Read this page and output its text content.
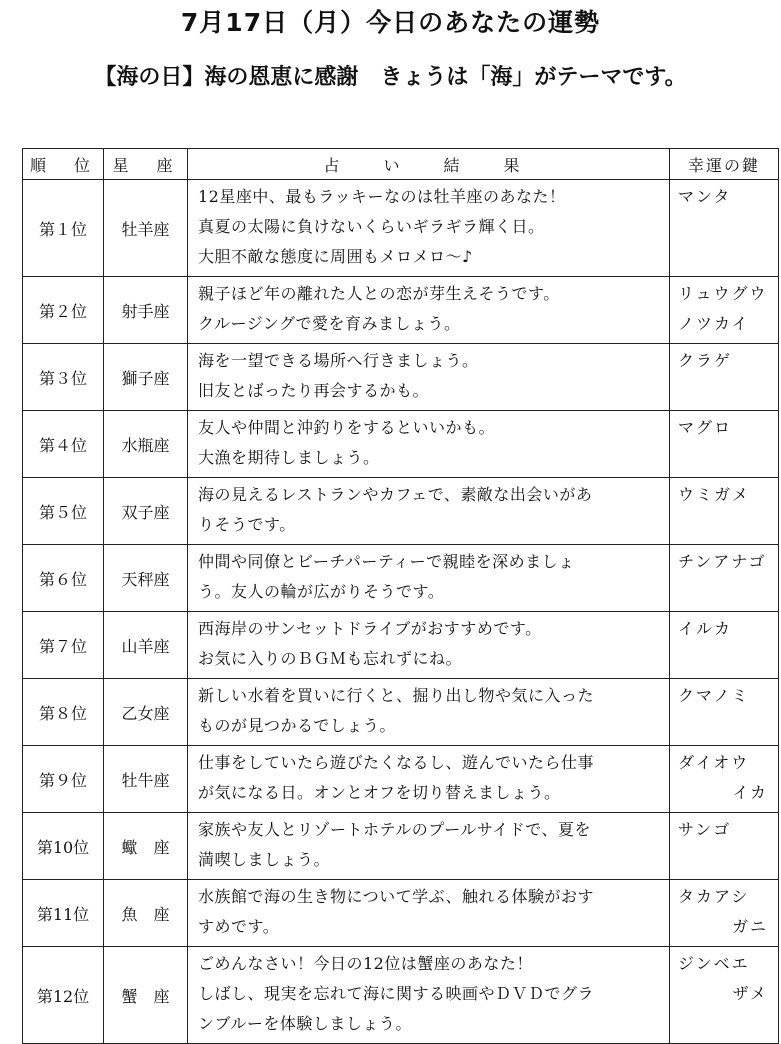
7月17日（月）今日のあなたの運勢
【海の日】海の恩恵に感謝　きょうは「海」がテーマです。
順　位	星　座	占　い　結　果	幸運の鍵
第１位	牡羊座	12星座中、最もラッキーなのは牡羊座のあなた！
真夏の太陽に負けないくらいギラギラ輝く日。
大胆不敵な態度に周囲もメロメロ～♪	マンタ

第２位	射手座	親子ほど年の離れた人との恋が芽生えそうです。
クルージングで愛を育みましょう。	リュウグウ
ノツカイ

第３位	獅子座	海を一望できる場所へ行きましょう。
旧友とばったり再会するかも。	クラゲ

第４位	水瓶座	友人や仲間と沖釣りをするといいかも。
大漁を期待しましょう。	マグロ

第５位	双子座	海の見えるレストランやカフェで、素敵な出会いがあ
りそうです。	ウミガメ

第６位	天秤座	仲間や同僚とビーチパーティーで親睦を深めましょ
う。友人の輪が広がりそうです。	チンアナゴ

第７位	山羊座	西海岸のサンセットドライブがおすすめです。
お気に入りのＢＧＭも忘れずにね。	イルカ

第８位	乙女座	新しい水着を買いに行くと、掘り出し物や気に入った
ものが見つかるでしょう。	クマノミ

第９位	牡牛座	仕事をしていたら遊びたくなるし、遊んでいたら仕事
が気になる日。オンとオフを切り替えましょう。	ダイオウ
イカ

第10位	蠍　座	家族や友人とリゾートホテルのプールサイドで、夏を
満喫しましょう。	サンゴ

第11位	魚　座	水族館で海の生き物について学ぶ、触れる体験がおす
すめです。	タカアシ
ガニ

第12位	蟹　座	ごめんなさい！今日の12位は蟹座のあなた！
しばし、現実を忘れて海に関する映画やＤＶＤでグラ
ンブルーを体験しましょう。	ジンベエ
ザメ
